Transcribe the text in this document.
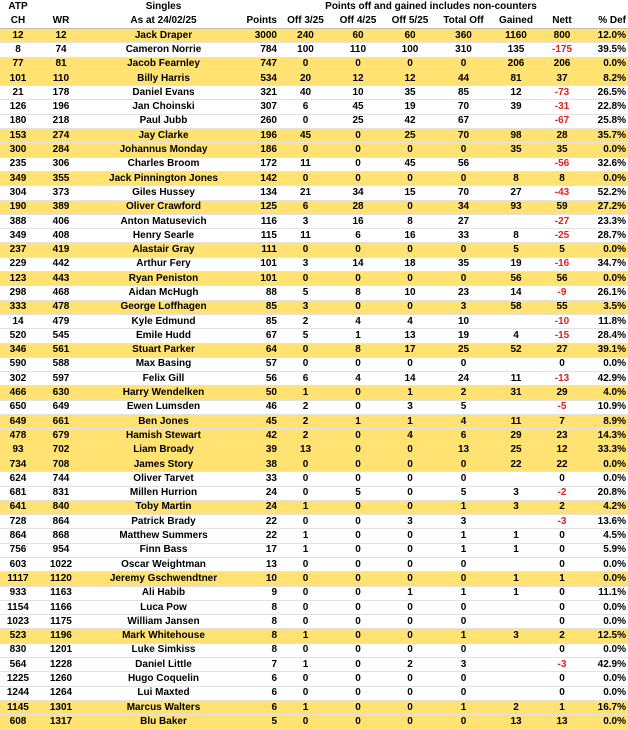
ATP		Singles		Points off and gained includes non-counters						
CH	WR	As at 24/02/25	Points	Off 3/25	Off 4/25	Off 5/25	Total Off	Gained	Nett	% Def
12	12	Jack Draper	3000	240	60	60	360	1160	800	12.0%
8	74	Cameron Norrie	784	100	110	100	310	135	-175	39.5%
77	81	Jacob Fearnley	747	0	0	0	0	206	206	0.0%
101	110	Billy Harris	534	20	12	12	44	81	37	8.2%
21	178	Daniel Evans	321	40	10	35	85	12	-73	26.5%
126	196	Jan Choinski	307	6	45	19	70	39	-31	22.8%
180	218	Paul Jubb	260	0	25	42	67		-67	25.8%
153	274	Jay Clarke	196	45	0	25	70	98	28	35.7%
300	284	Johannus Monday	186	0	0	0	0	35	35	0.0%
235	306	Charles Broom	172	11	0	45	56		-56	32.6%
349	355	Jack Pinnington Jones	142	0	0	0	0	8	8	0.0%
304	373	Giles Hussey	134	21	34	15	70	27	-43	52.2%
190	389	Oliver Crawford	125	6	28	0	34	93	59	27.2%
388	406	Anton Matusevich	116	3	16	8	27		-27	23.3%
349	408	Henry Searle	115	11	6	16	33	8	-25	28.7%
237	419	Alastair Gray	111	0	0	0	0	5	5	0.0%
229	442	Arthur Fery	101	3	14	18	35	19	-16	34.7%
123	443	Ryan Peniston	101	0	0	0	0	56	56	0.0%
298	468	Aidan McHugh	88	5	8	10	23	14	-9	26.1%
333	478	George Loffhagen	85	3	0	0	3	58	55	3.5%
14	479	Kyle Edmund	85	2	4	4	10		-10	11.8%
520	545	Emile Hudd	67	5	1	13	19	4	-15	28.4%
346	561	Stuart Parker	64	0	8	17	25	52	27	39.1%
590	588	Max Basing	57	0	0	0	0		0	0.0%
302	597	Felix Gill	56	6	4	14	24	11	-13	42.9%
466	630	Harry Wendelken	50	1	0	1	2	31	29	4.0%
650	649	Ewen Lumsden	46	2	0	3	5		-5	10.9%
649	661	Ben Jones	45	2	1	1	4	11	7	8.9%
478	679	Hamish Stewart	42	2	0	4	6	29	23	14.3%
93	702	Liam Broady	39	13	0	0	13	25	12	33.3%
734	708	James Story	38	0	0	0	0	22	22	0.0%
624	744	Oliver Tarvet	33	0	0	0	0		0	0.0%
681	831	Millen Hurrion	24	0	5	0	5	3	-2	20.8%
641	840	Toby Martin	24	1	0	0	1	3	2	4.2%
728	864	Patrick Brady	22	0	0	3	3		-3	13.6%
864	868	Matthew Summers	22	1	0	0	1	1	0	4.5%
756	954	Finn Bass	17	1	0	0	1	1	0	5.9%
603	1022	Oscar Weightman	13	0	0	0	0		0	0.0%
1117	1120	Jeremy Gschwendtner	10	0	0	0	0	1	1	0.0%
933	1163	Ali Habib	9	0	0	1	1	1	0	11.1%
1154	1166	Luca Pow	8	0	0	0	0		0	0.0%
1023	1175	William Jansen	8	0	0	0	0		0	0.0%
523	1196	Mark Whitehouse	8	1	0	0	1	3	2	12.5%
830	1201	Luke Simkiss	8	0	0	0	0		0	0.0%
564	1228	Daniel Little	7	1	0	2	3		-3	42.9%
1225	1260	Hugo Coquelin	6	0	0	0	0		0	0.0%
1244	1264	Lui Maxted	6	0	0	0	0		0	0.0%
1145	1301	Marcus Walters	6	1	0	0	1	2	1	16.7%
608	1317	Blu Baker	5	0	0	0	0	13	13	0.0%
